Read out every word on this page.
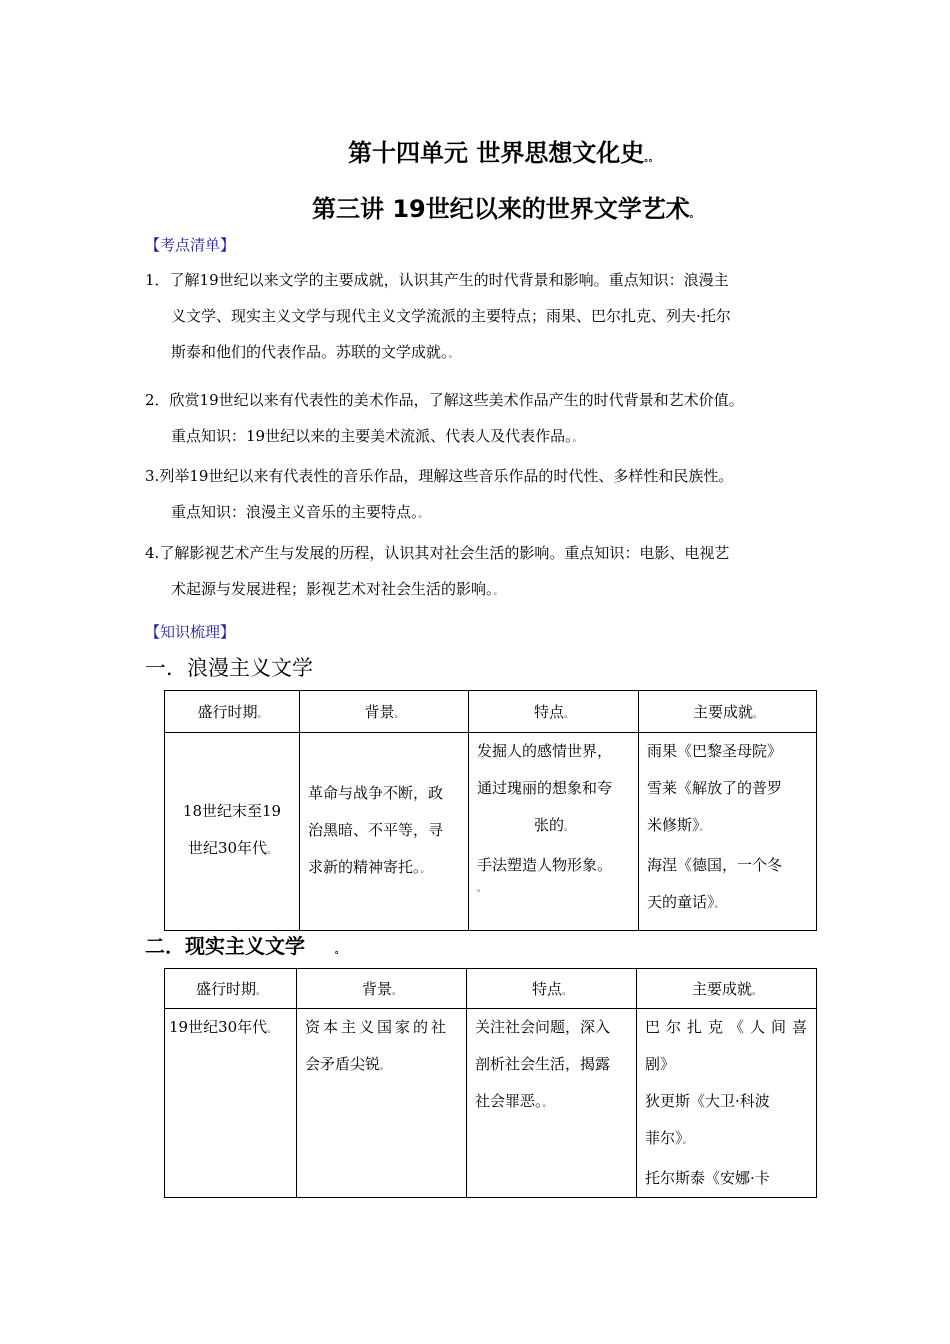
第十四单元 世界思想文化史。。
第三讲 19世纪以来的世界文学艺术。
【考点清单】
1．了解19世纪以来文学的主要成就，认识其产生的时代背景和影响。重点知识：浪漫主
义文学、现实主义文学与现代主义文学流派的主要特点；雨果、巴尔扎克、列夫·托尔
斯泰和他们的代表作品。苏联的文学成就。。
2．欣赏19世纪以来有代表性的美术作品，了解这些美术作品产生的时代背景和艺术价值。
重点知识：19世纪以来的主要美术流派、代表人及代表作品。。
3.列举19世纪以来有代表性的音乐作品，理解这些音乐作品的时代性、多样性和民族性。
重点知识：浪漫主义音乐的主要特点。。
4.了解影视艺术产生与发展的历程，认识其对社会生活的影响。重点知识：电影、电视艺
术起源与发展进程；影视艺术对社会生活的影响。。
【知识梳理】
一．浪漫主义文学
盛行时期。	背景。	特点。	主要成就。

18世纪末至19
世纪30年代。	革命与战争不断，政
治黑暗、不平等，寻
求新的精神寄托。。	发掘人的感情世界，
通过瑰丽的想象和夸
张的。
手法塑造人物形象。
。	雨果《巴黎圣母院》
雪莱《解放了的普罗
米修斯》。
海涅《德国，一个冬
天的童话》。
二．现实主义文学	。
盛行时期。	背景。	特点。	主要成就。

19世纪30年代。	资本主义国家的社
会矛盾尖锐。	关注社会问题，深入
剖析社会生活，揭露
社会罪恶。。	巴尔扎克《人间喜
剧》
狄更斯《大卫·科波
菲尔》。
托尔斯泰《安娜·卡
